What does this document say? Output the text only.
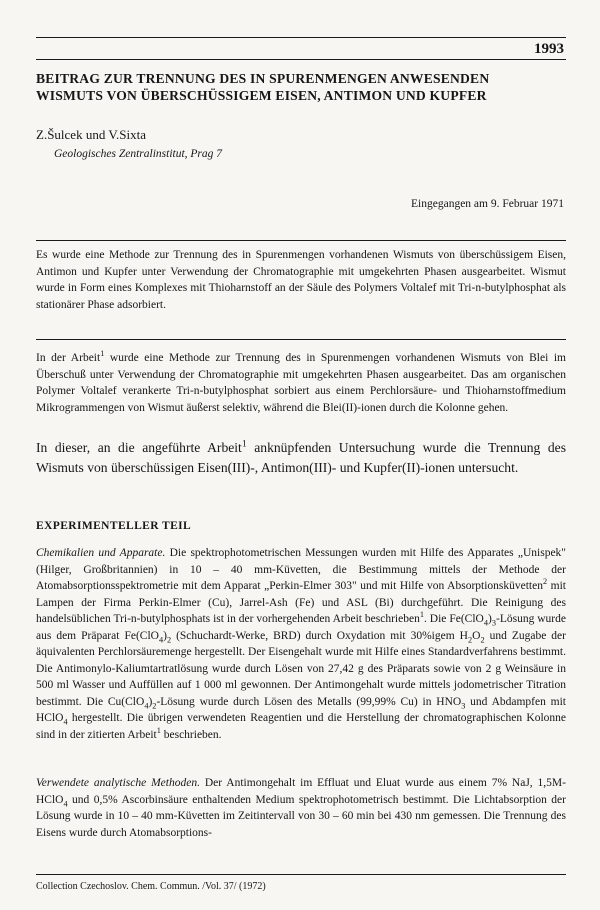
1993
BEITRAG ZUR TRENNUNG DES IN SPURENMENGEN ANWESENDEN
WISMUTS VON ÜBERSCHÜSSIGEM EISEN, ANTIMON UND KUPFER
Z.Šulcek und V.Sixta
Geologisches Zentralinstitut, Prag 7
Eingegangen am 9. Februar 1971
Es wurde eine Methode zur Trennung des in Spurenmengen vorhandenen Wismuts von überschüssigem Eisen, Antimon und Kupfer unter Verwendung der Chromatographie mit umgekehrten Phasen ausgearbeitet. Wismut wurde in Form eines Komplexes mit Thioharnstoff an der Säule des Polymers Voltalef mit Tri-n-butylphosphat als stationärer Phase adsorbiert.
In der Arbeit$^1$ wurde eine Methode zur Trennung des in Spurenmengen vorhandenen Wismuts von Blei im Überschuß unter Verwendung der Chromatographie mit umgekehrten Phasen ausgearbeitet. Das am organischen Polymer Voltalef verankerte Tri-n-butylphosphat sorbiert aus einem Perchlorsäure- und Thioharnstoffmedium Mikrogrammengen von Wismut äußerst selektiv, während die Blei(II)-ionen durch die Kolonne gehen.
In dieser, an die angeführte Arbeit$^1$ anknüpfenden Untersuchung wurde die Trennung des Wismuts von überschüssigen Eisen(III)-, Antimon(III)- und Kupfer(II)-ionen untersucht.
EXPERIMENTELLER TEIL
Chemikalien und Apparate. Die spektrophotometrischen Messungen wurden mit Hilfe des Apparates „Unispek" (Hilger, Großbritannien) in 10 – 40 mm-Küvetten, die Bestimmung mittels der Methode der Atomabsorptionsspektrometrie mit dem Apparat „Perkin-Elmer 303" und mit Hilfe von Absorptionsküvetten$^2$ mit Lampen der Firma Perkin-Elmer (Cu), Jarrel-Ash (Fe) und ASL (Bi) durchgeführt. Die Reinigung des handelsüblichen Tri-n-butylphosphats ist in der vorhergehenden Arbeit beschrieben$^1$. Die $Fe(ClO_4)_3$-Lösung wurde aus dem Präparat $Fe(ClO_4)_2$ (Schuchardt-Werke, BRD) durch Oxydation mit 30%igem $H_2O_2$ und Zugabe der äquivalenten Perchlorsäuremenge hergestellt. Der Eisengehalt wurde mit Hilfe eines Standardverfahrens bestimmt. Die Antimonylo-Kaliumtartratlösung wurde durch Lösen von 27,42 g des Präparats sowie von 2 g Weinsäure in 500 ml Wasser und Auffüllen auf 1 000 ml gewonnen. Der Antimongehalt wurde mittels jodometrischer Titration bestimmt. Die $Cu(ClO_4)_2$-Lösung wurde durch Lösen des Metalls (99,99% Cu) in $HNO_3$ und Abdampfen mit HClO$_4$ hergestellt. Die übrigen verwendeten Reagentien und die Herstellung der chromatographischen Kolonne sind in der zitierten Arbeit$^1$ beschrieben.
Verwendete analytische Methoden. Der Antimongehalt im Effluat und Eluat wurde aus einem 7% NaJ, 1,5M-HClO$_4$ und 0,5% Ascorbinsäure enthaltenden Medium spektrophotometrisch bestimmt. Die Lichtabsorption der Lösung wurde in 10 – 40 mm-Küvetten im Zeitintervall von 30 – 60 min bei 430 nm gemessen. Die Trennung des Eisens wurde durch Atomabsorptions-
Collection Czechoslov. Chem. Commun. /Vol. 37/ (1972)
